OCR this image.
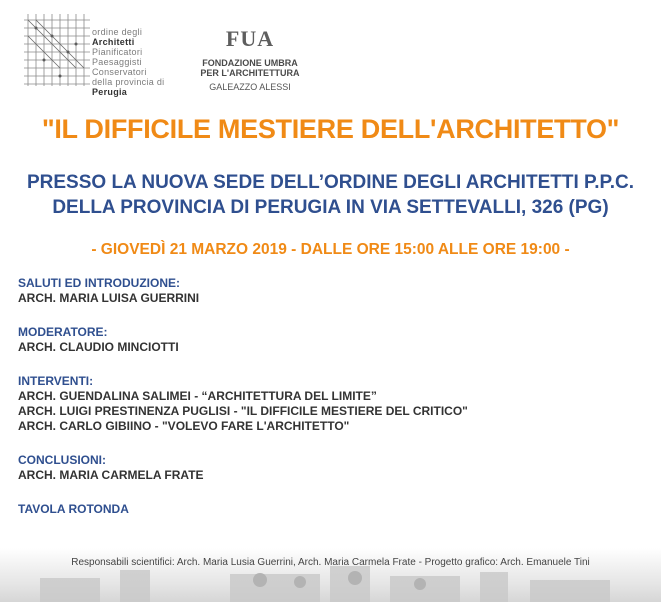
ordine degli
Architetti
Pianificatori
Paesaggisti
Conservatori
della provincia di
Perugia
FUA
FONDAZIONE UMBRA
PER L'ARCHITETTURA
GALEAZZO ALESSI
"IL DIFFICILE MESTIERE DELL'ARCHITETTO"
PRESSO LA NUOVA SEDE DELL’ORDINE DEGLI ARCHITETTI P.P.C.
DELLA PROVINCIA DI PERUGIA IN VIA SETTEVALLI, 326 (PG)
- GIOVEDÌ 21 MARZO 2019 - DALLE ORE 15:00 ALLE ORE 19:00 -
SALUTI ED INTRODUZIONE:
ARCH. MARIA LUISA GUERRINI
MODERATORE:
ARCH. CLAUDIO MINCIOTTI
INTERVENTI:
ARCH. GUENDALINA SALIMEI - “ARCHITETTURA DEL LIMITE”
ARCH. LUIGI PRESTINENZA PUGLISI - "IL DIFFICILE MESTIERE DEL CRITICO"
ARCH. CARLO GIBIINO - "VOLEVO FARE L'ARCHITETTO"
CONCLUSIONI:
ARCH. MARIA CARMELA FRATE
TAVOLA ROTONDA
Responsabili scientifici: Arch. Maria Lusia Guerrini, Arch. Maria Carmela Frate - Progetto grafico: Arch. Emanuele Tini
